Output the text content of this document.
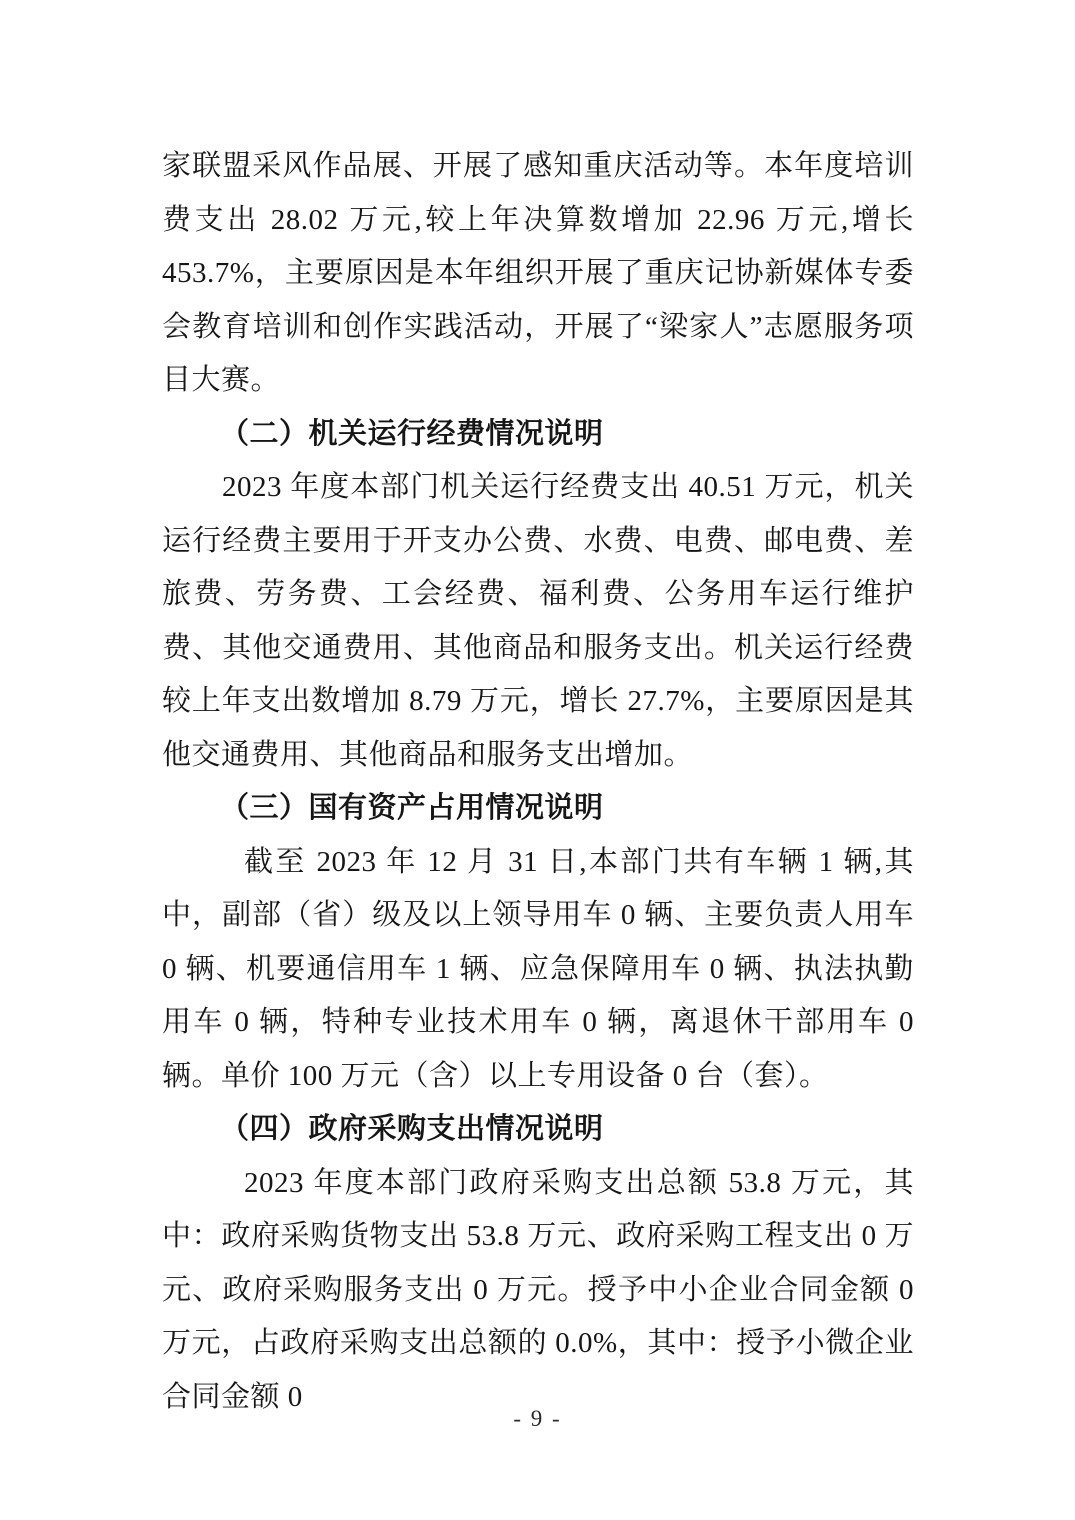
家联盟采风作品展、开展了感知重庆活动等。本年度培训费支出 28.02 万元,较上年决算数增加 22.96 万元,增长 453.7%，主要原因是本年组织开展了重庆记协新媒体专委会教育培训和创作实践活动，开展了“梁家人”志愿服务项目大赛。

（二）机关运行经费情况说明

2023 年度本部门机关运行经费支出 40.51 万元，机关运行经费主要用于开支办公费、水费、电费、邮电费、差旅费、劳务费、工会经费、福利费、公务用车运行维护费、其他交通费用、其他商品和服务支出。机关运行经费较上年支出数增加 8.79 万元，增长 27.7%，主要原因是其他交通费用、其他商品和服务支出增加。

（三）国有资产占用情况说明

截至 2023 年 12 月 31 日,本部门共有车辆 1 辆,其中，副部（省）级及以上领导用车 0 辆、主要负责人用车 0 辆、机要通信用车 1 辆、应急保障用车 0 辆、执法执勤用车 0 辆，特种专业技术用车 0 辆，离退休干部用车 0 辆。单价 100 万元（含）以上专用设备 0 台（套）。

（四）政府采购支出情况说明

2023 年度本部门政府采购支出总额 53.8 万元，其中：政府采购货物支出 53.8 万元、政府采购工程支出 0 万元、政府采购服务支出 0 万元。授予中小企业合同金额 0 万元，占政府采购支出总额的 0.0%，其中：授予小微企业合同金额 0

- 9 -
